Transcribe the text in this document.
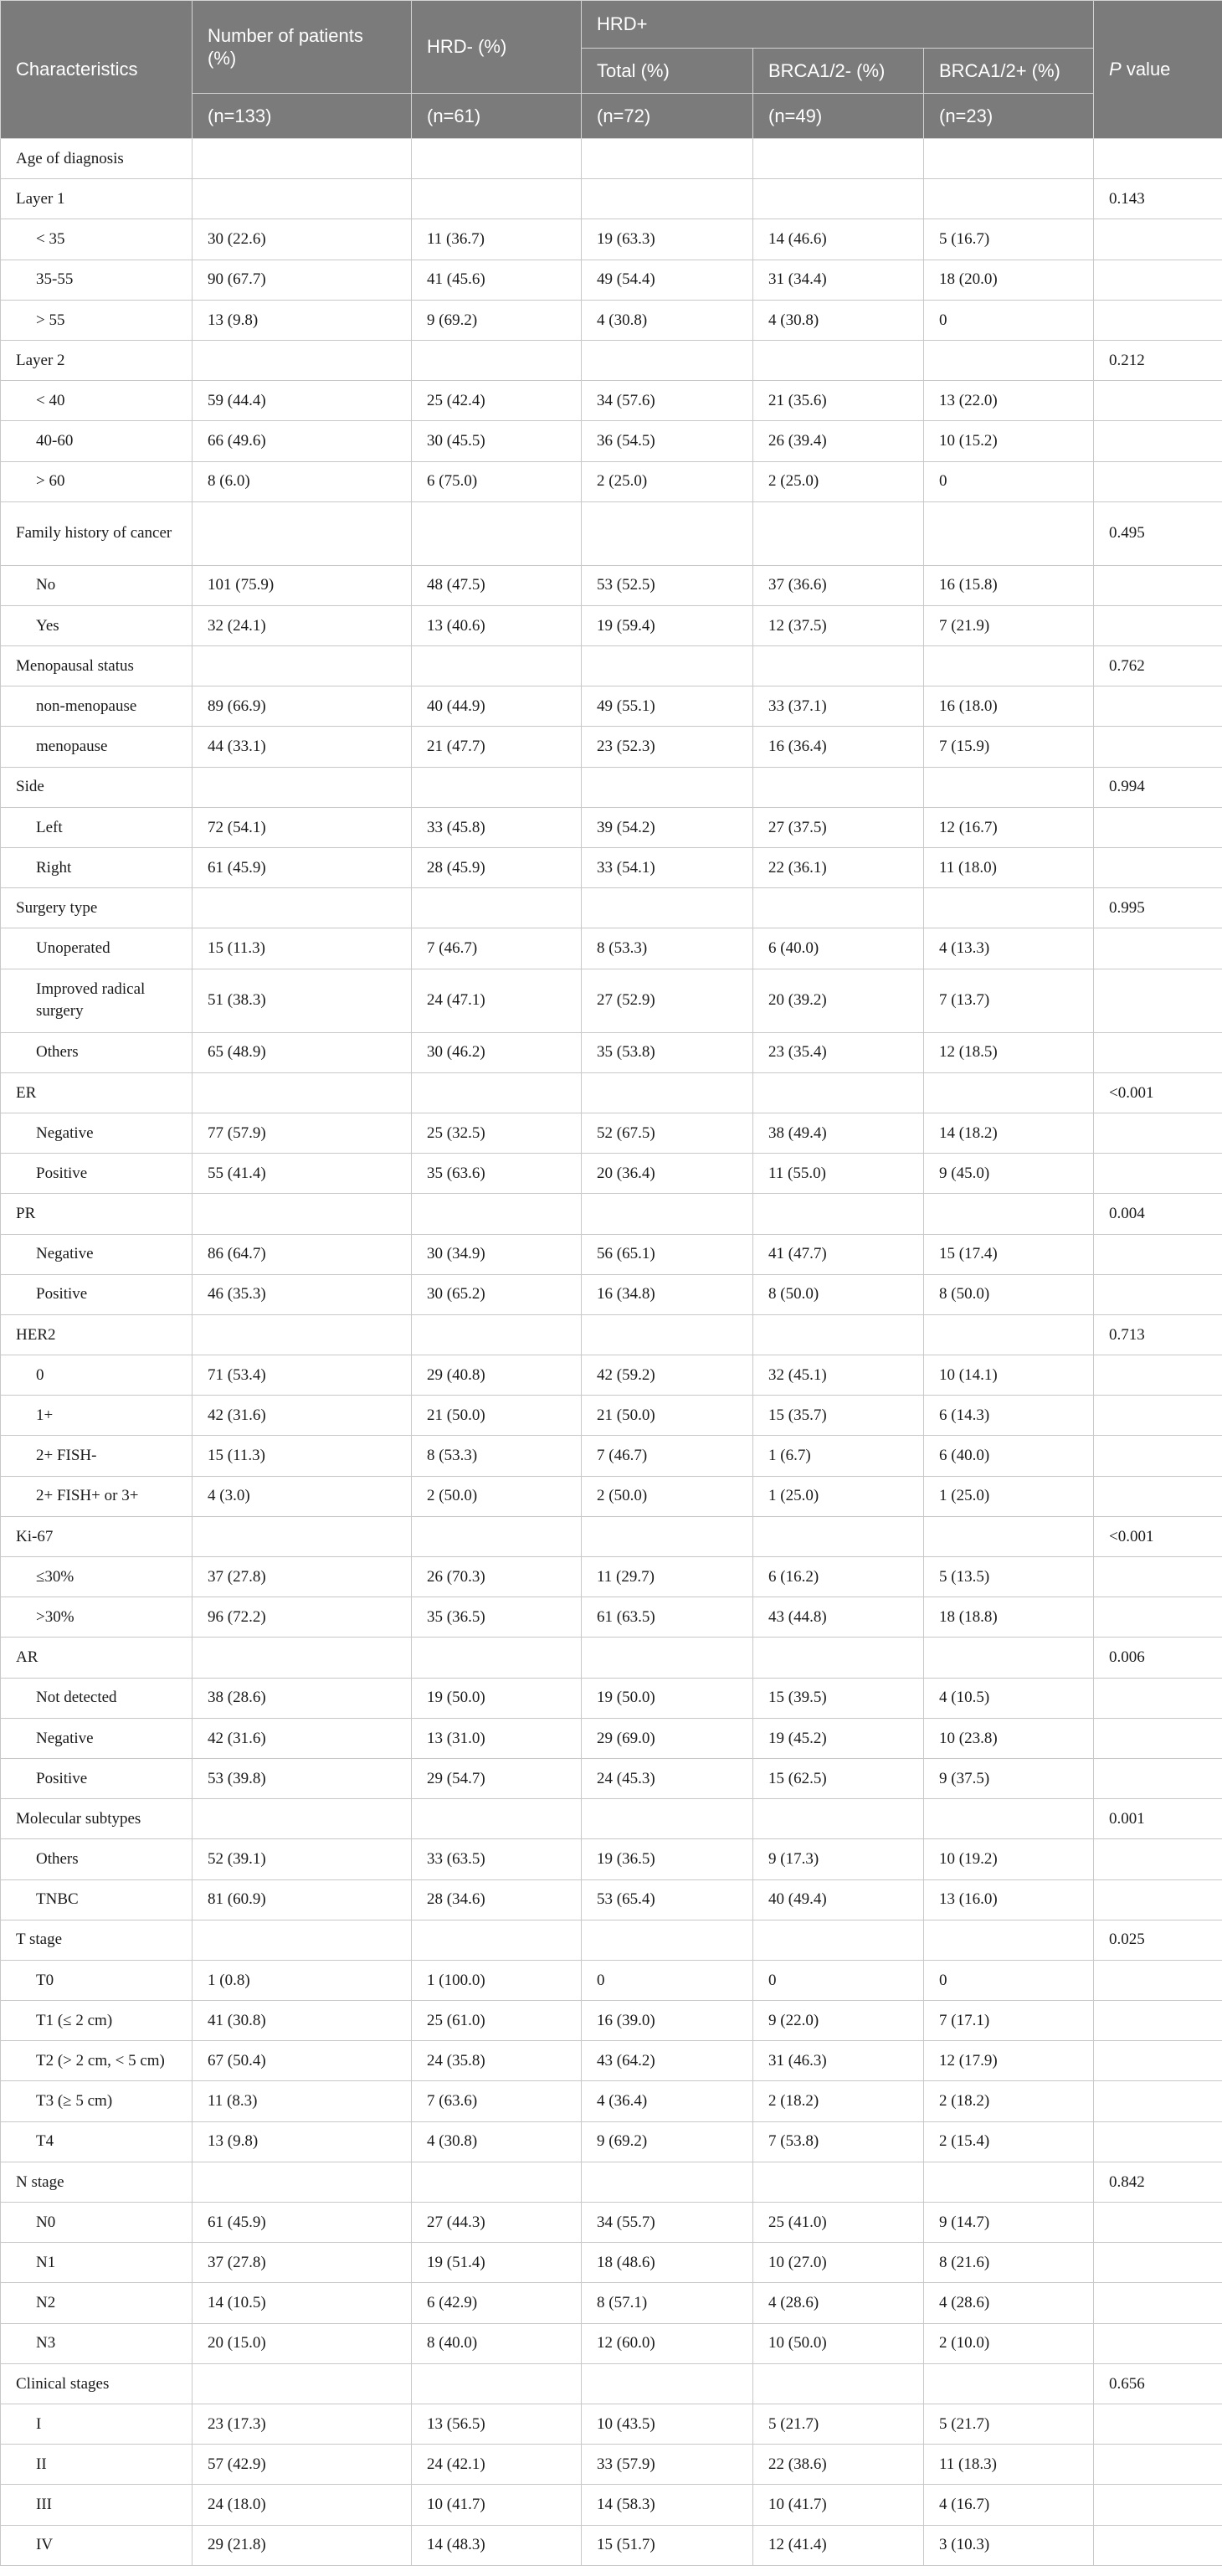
Characteristics	Number of patients (%)	HRD- (%)	HRD+			P value
			Total (%)	BRCA1/2- (%)	BRCA1/2+ (%)	
	(n=133)	(n=61)	(n=72)	(n=49)	(n=23)	
Age of diagnosis						
Layer 1						0.143
< 35	30 (22.6)	11 (36.7)	19 (63.3)	14 (46.6)	5 (16.7)	
35-55	90 (67.7)	41 (45.6)	49 (54.4)	31 (34.4)	18 (20.0)	
> 55	13 (9.8)	9 (69.2)	4 (30.8)	4 (30.8)	0	
Layer 2						0.212
< 40	59 (44.4)	25 (42.4)	34 (57.6)	21 (35.6)	13 (22.0)	
40-60	66 (49.6)	30 (45.5)	36 (54.5)	26 (39.4)	10 (15.2)	
> 60	8 (6.0)	6 (75.0)	2 (25.0)	2 (25.0)	0	
Family history of cancer						0.495
No	101 (75.9)	48 (47.5)	53 (52.5)	37 (36.6)	16 (15.8)	
Yes	32 (24.1)	13 (40.6)	19 (59.4)	12 (37.5)	7 (21.9)	
Menopausal status						0.762
non-menopause	89 (66.9)	40 (44.9)	49 (55.1)	33 (37.1)	16 (18.0)	
menopause	44 (33.1)	21 (47.7)	23 (52.3)	16 (36.4)	7 (15.9)	
Side						0.994
Left	72 (54.1)	33 (45.8)	39 (54.2)	27 (37.5)	12 (16.7)	
Right	61 (45.9)	28 (45.9)	33 (54.1)	22 (36.1)	11 (18.0)	
Surgery type						0.995
Unoperated	15 (11.3)	7 (46.7)	8 (53.3)	6 (40.0)	4 (13.3)	
Improved radical surgery	51 (38.3)	24 (47.1)	27 (52.9)	20 (39.2)	7 (13.7)	
Others	65 (48.9)	30 (46.2)	35 (53.8)	23 (35.4)	12 (18.5)	
ER						<0.001
Negative	77 (57.9)	25 (32.5)	52 (67.5)	38 (49.4)	14 (18.2)	
Positive	55 (41.4)	35 (63.6)	20 (36.4)	11 (55.0)	9 (45.0)	
PR						0.004
Negative	86 (64.7)	30 (34.9)	56 (65.1)	41 (47.7)	15 (17.4)	
Positive	46 (35.3)	30 (65.2)	16 (34.8)	8 (50.0)	8 (50.0)	
HER2						0.713
0	71 (53.4)	29 (40.8)	42 (59.2)	32 (45.1)	10 (14.1)	
1+	42 (31.6)	21 (50.0)	21 (50.0)	15 (35.7)	6 (14.3)	
2+ FISH-	15 (11.3)	8 (53.3)	7 (46.7)	1 (6.7)	6 (40.0)	
2+ FISH+ or 3+	4 (3.0)	2 (50.0)	2 (50.0)	1 (25.0)	1 (25.0)	
Ki-67						<0.001
≤30%	37 (27.8)	26 (70.3)	11 (29.7)	6 (16.2)	5 (13.5)	
>30%	96 (72.2)	35 (36.5)	61 (63.5)	43 (44.8)	18 (18.8)	
AR						0.006
Not detected	38 (28.6)	19 (50.0)	19 (50.0)	15 (39.5)	4 (10.5)	
Negative	42 (31.6)	13 (31.0)	29 (69.0)	19 (45.2)	10 (23.8)	
Positive	53 (39.8)	29 (54.7)	24 (45.3)	15 (62.5)	9 (37.5)	
Molecular subtypes						0.001
Others	52 (39.1)	33 (63.5)	19 (36.5)	9 (17.3)	10 (19.2)	
TNBC	81 (60.9)	28 (34.6)	53 (65.4)	40 (49.4)	13 (16.0)	
T stage						0.025
T0	1 (0.8)	1 (100.0)	0	0	0	
T1 (≤ 2 cm)	41 (30.8)	25 (61.0)	16 (39.0)	9 (22.0)	7 (17.1)	
T2 (> 2 cm, < 5 cm)	67 (50.4)	24 (35.8)	43 (64.2)	31 (46.3)	12 (17.9)	
T3 (≥ 5 cm)	11 (8.3)	7 (63.6)	4 (36.4)	2 (18.2)	2 (18.2)	
T4	13 (9.8)	4 (30.8)	9 (69.2)	7 (53.8)	2 (15.4)	
N stage						0.842
N0	61 (45.9)	27 (44.3)	34 (55.7)	25 (41.0)	9 (14.7)	
N1	37 (27.8)	19 (51.4)	18 (48.6)	10 (27.0)	8 (21.6)	
N2	14 (10.5)	6 (42.9)	8 (57.1)	4 (28.6)	4 (28.6)	
N3	20 (15.0)	8 (40.0)	12 (60.0)	10 (50.0)	2 (10.0)	
Clinical stages						0.656
I	23 (17.3)	13 (56.5)	10 (43.5)	5 (21.7)	5 (21.7)	
II	57 (42.9)	24 (42.1)	33 (57.9)	22 (38.6)	11 (18.3)	
III	24 (18.0)	10 (41.7)	14 (58.3)	10 (41.7)	4 (16.7)	
IV	29 (21.8)	14 (48.3)	15 (51.7)	12 (41.4)	3 (10.3)	
